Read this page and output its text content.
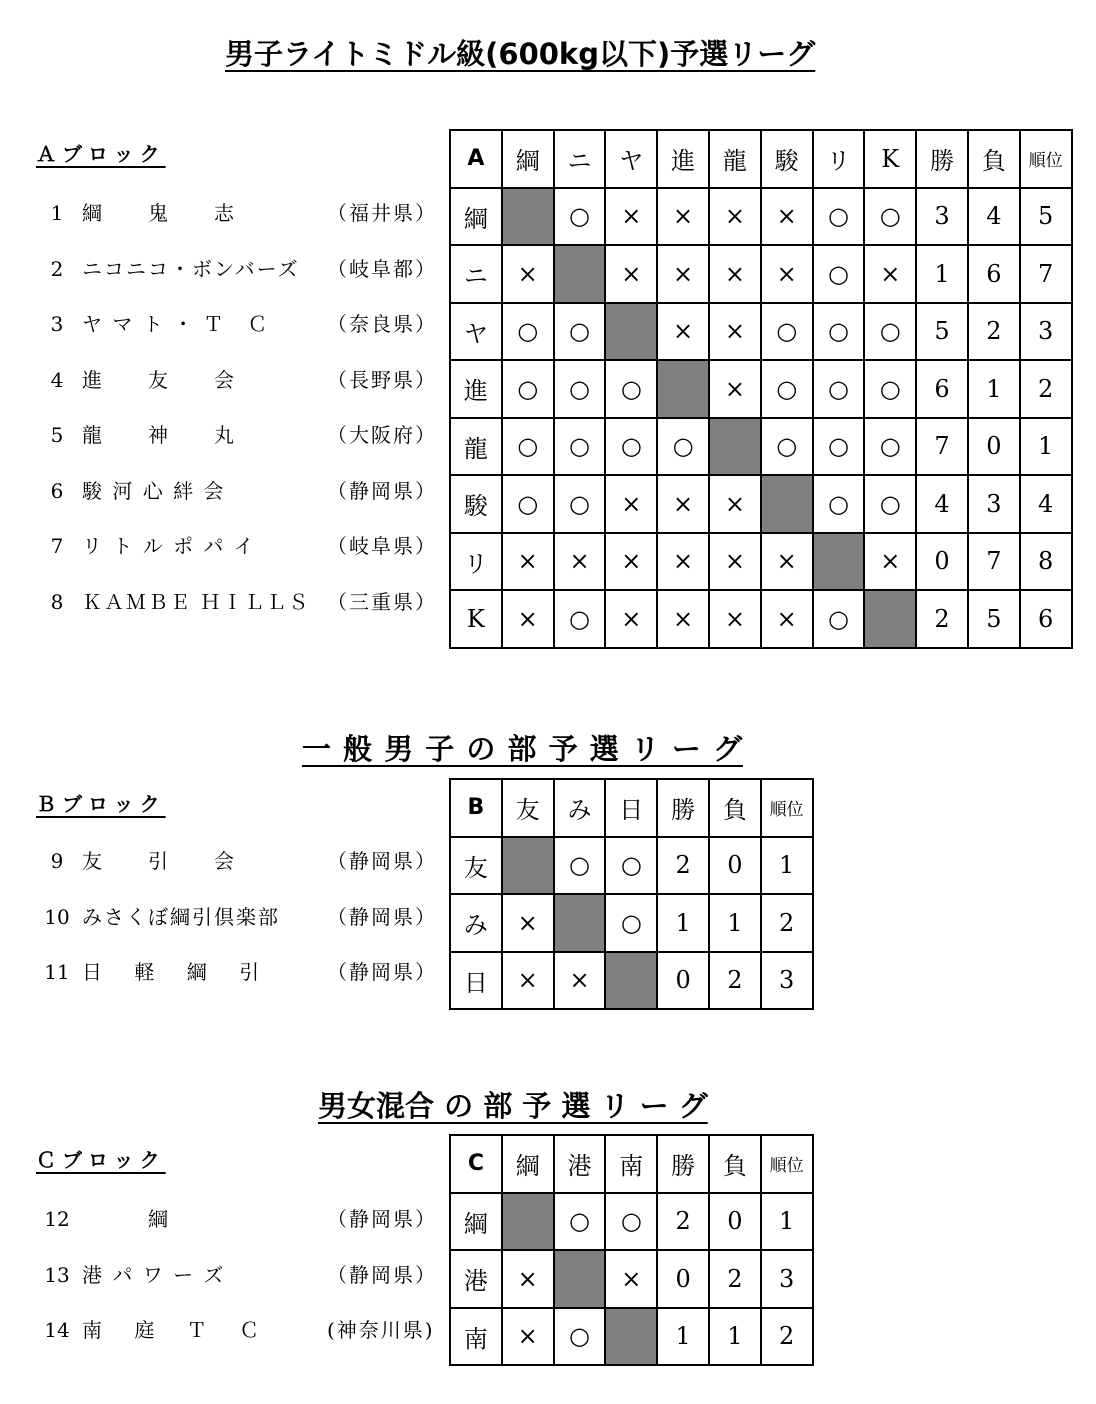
男子ライトミドル級(600kg以下)予選リーグ
Ａブロック
1 綱　　鬼　　志	（福井県）
2 ニコニコ・ボンバーズ （岐阜都）
3 ヤ マ ト ・ Ｔ　Ｃ	（奈良県）
4 進　　友　　会	（長野県）
5 龍　　神　　丸	（大阪府）
6 駿 河 心 絆 会	（静岡県）
7 リ ト ル ポ パ イ	（岐阜県）
8 ＫＡＭＢＥ ＨＩＬＬＳ （三重県）
A	綱	ニ	ヤ	進	龍	駿	リ	K	勝	負	順位
綱		○	×	×	×	×	○	○	3	4	5
ニ	×		×	×	×	×	○	×	1	6	7
ヤ	○	○		×	×	○	○	○	5	2	3
進	○	○	○		×	○	○	○	6	1	2
龍	○	○	○	○		○	○	○	7	0	1
駿	○	○	×	×	×		○	○	4	3	4
リ	×	×	×	×	×	×		×	0	7	8
K	×	○	×	×	×	×	○		2	5	6
一 般 男 子 の 部 予 選 リ ー グ
Ｂブロック
9 友　　引　　会	（静岡県）
10 みさくぼ綱引倶楽部 （静岡県）
11 日　 軽　 綱　 引	（静岡県）
B	友	み	日	勝	負	順位
友		○	○	2	0	1
み	×		○	1	1	2
日	×	×		0	2	3
男女混合 の 部 予 選 リ ー グ
Ｃブロック
12 　　　綱	（静岡県）
13 港 パ ワ ー ズ	（静岡県）
14 南　 庭　 Ｔ　 Ｃ	(神奈川県)
C	綱	港	南	勝	負	順位
綱		○	○	2	0	1
港	×		×	0	2	3
南	×	○		1	1	2
